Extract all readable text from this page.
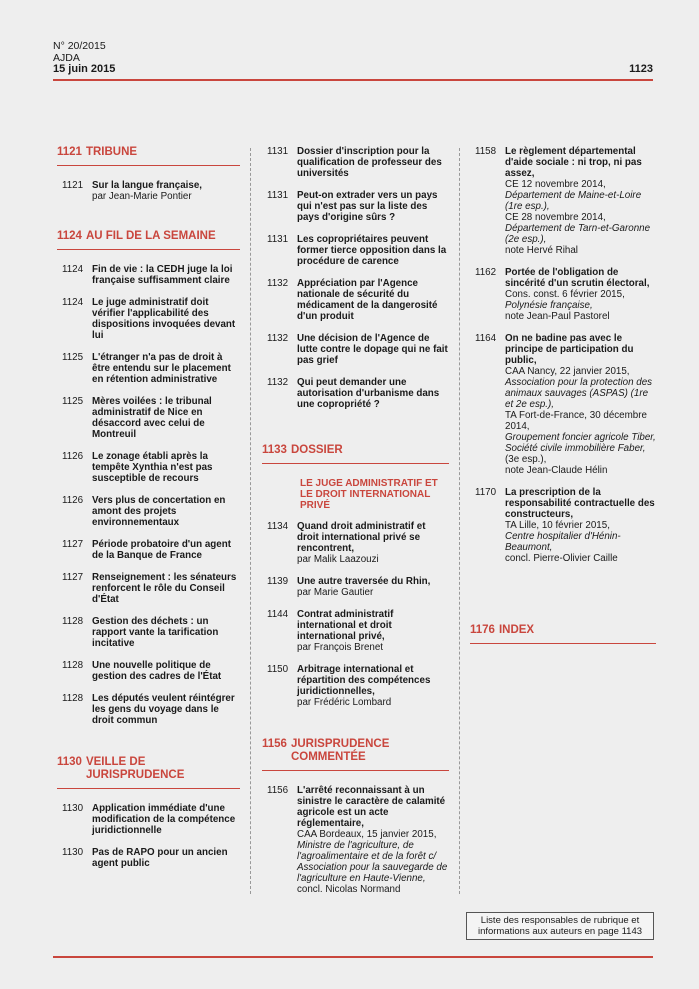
N° 20/2015
AJDA
15 juin 2015	1123
1121 TRIBUNE
1121 Sur la langue française,
par Jean-Marie Pontier
1124 AU FIL DE LA SEMAINE
1124 Fin de vie : la CEDH juge la loi française suffisamment claire
1124 Le juge administratif doit vérifier l'applicabilité des dispositions invoquées devant lui
1125 L'étranger n'a pas de droit à être entendu sur le placement en rétention administrative
1125 Mères voilées : le tribunal administratif de Nice en désaccord avec celui de Montreuil
1126 Le zonage établi après la tempête Xynthia n'est pas susceptible de recours
1126 Vers plus de concertation en amont des projets environnementaux
1127 Période probatoire d'un agent de la Banque de France
1127 Renseignement : les sénateurs renforcent le rôle du Conseil d'État
1128 Gestion des déchets : un rapport vante la tarification incitative
1128 Une nouvelle politique de gestion des cadres de l'État
1128 Les députés veulent réintégrer les gens du voyage dans le droit commun
1130 VEILLE DE JURISPRUDENCE
1130 Application immédiate d'une modification de la compétence juridictionnelle
1130 Pas de RAPO pour un ancien agent public
1131 Dossier d'inscription pour la qualification de professeur des universités
1131 Peut-on extrader vers un pays qui n'est pas sur la liste des pays d'origine sûrs ?
1131 Les copropriétaires peuvent former tierce opposition dans la procédure de carence
1132 Appréciation par l'Agence nationale de sécurité du médicament de la dangerosité d'un produit
1132 Une décision de l'Agence de lutte contre le dopage qui ne fait pas grief
1132 Qui peut demander une autorisation d'urbanisme dans une copropriété ?
1133 DOSSIER
LE JUGE ADMINISTRATIF ET LE DROIT INTERNATIONAL PRIVÉ
1134 Quand droit administratif et droit international privé se rencontrent,
par Malik Laazouzi
1139 Une autre traversée du Rhin,
par Marie Gautier
1144 Contrat administratif international et droit international privé,
par François Brenet
1150 Arbitrage international et répartition des compétences juridictionnelles,
par Frédéric Lombard
1156 JURISPRUDENCE COMMENTÉE
1156 L'arrêté reconnaissant à un sinistre le caractère de calamité agricole est un acte réglementaire,
CAA Bordeaux, 15 janvier 2015,
Ministre de l'agriculture, de l'agroalimentaire et de la forêt c/ Association pour la sauvegarde de l'agriculture en Haute-Vienne,
concl. Nicolas Normand
1158 Le règlement départemental d'aide sociale : ni trop, ni pas assez,
CE 12 novembre 2014,
Département de Maine-et-Loire (1re esp.),
CE 28 novembre 2014,
Département de Tarn-et-Garonne (2e esp.),
note Hervé Rihal
1162 Portée de l'obligation de sincérité d'un scrutin électoral,
Cons. const. 6 février 2015,
Polynésie française,
note Jean-Paul Pastorel
1164 On ne badine pas avec le principe de participation du public,
CAA Nancy, 22 janvier 2015,
Association pour la protection des animaux sauvages (ASPAS) (1re et 2e esp.),
TA Fort-de-France, 30 décembre 2014,
Groupement foncier agricole Tiber, Société civile immobilière Faber,
(3e esp.),
note Jean-Claude Hélin
1170 La prescription de la responsabilité contractuelle des constructeurs,
TA Lille, 10 février 2015,
Centre hospitalier d'Hénin-Beaumont,
concl. Pierre-Olivier Caille
1176 INDEX
Liste des responsables de rubrique et informations aux auteurs en page 1143
